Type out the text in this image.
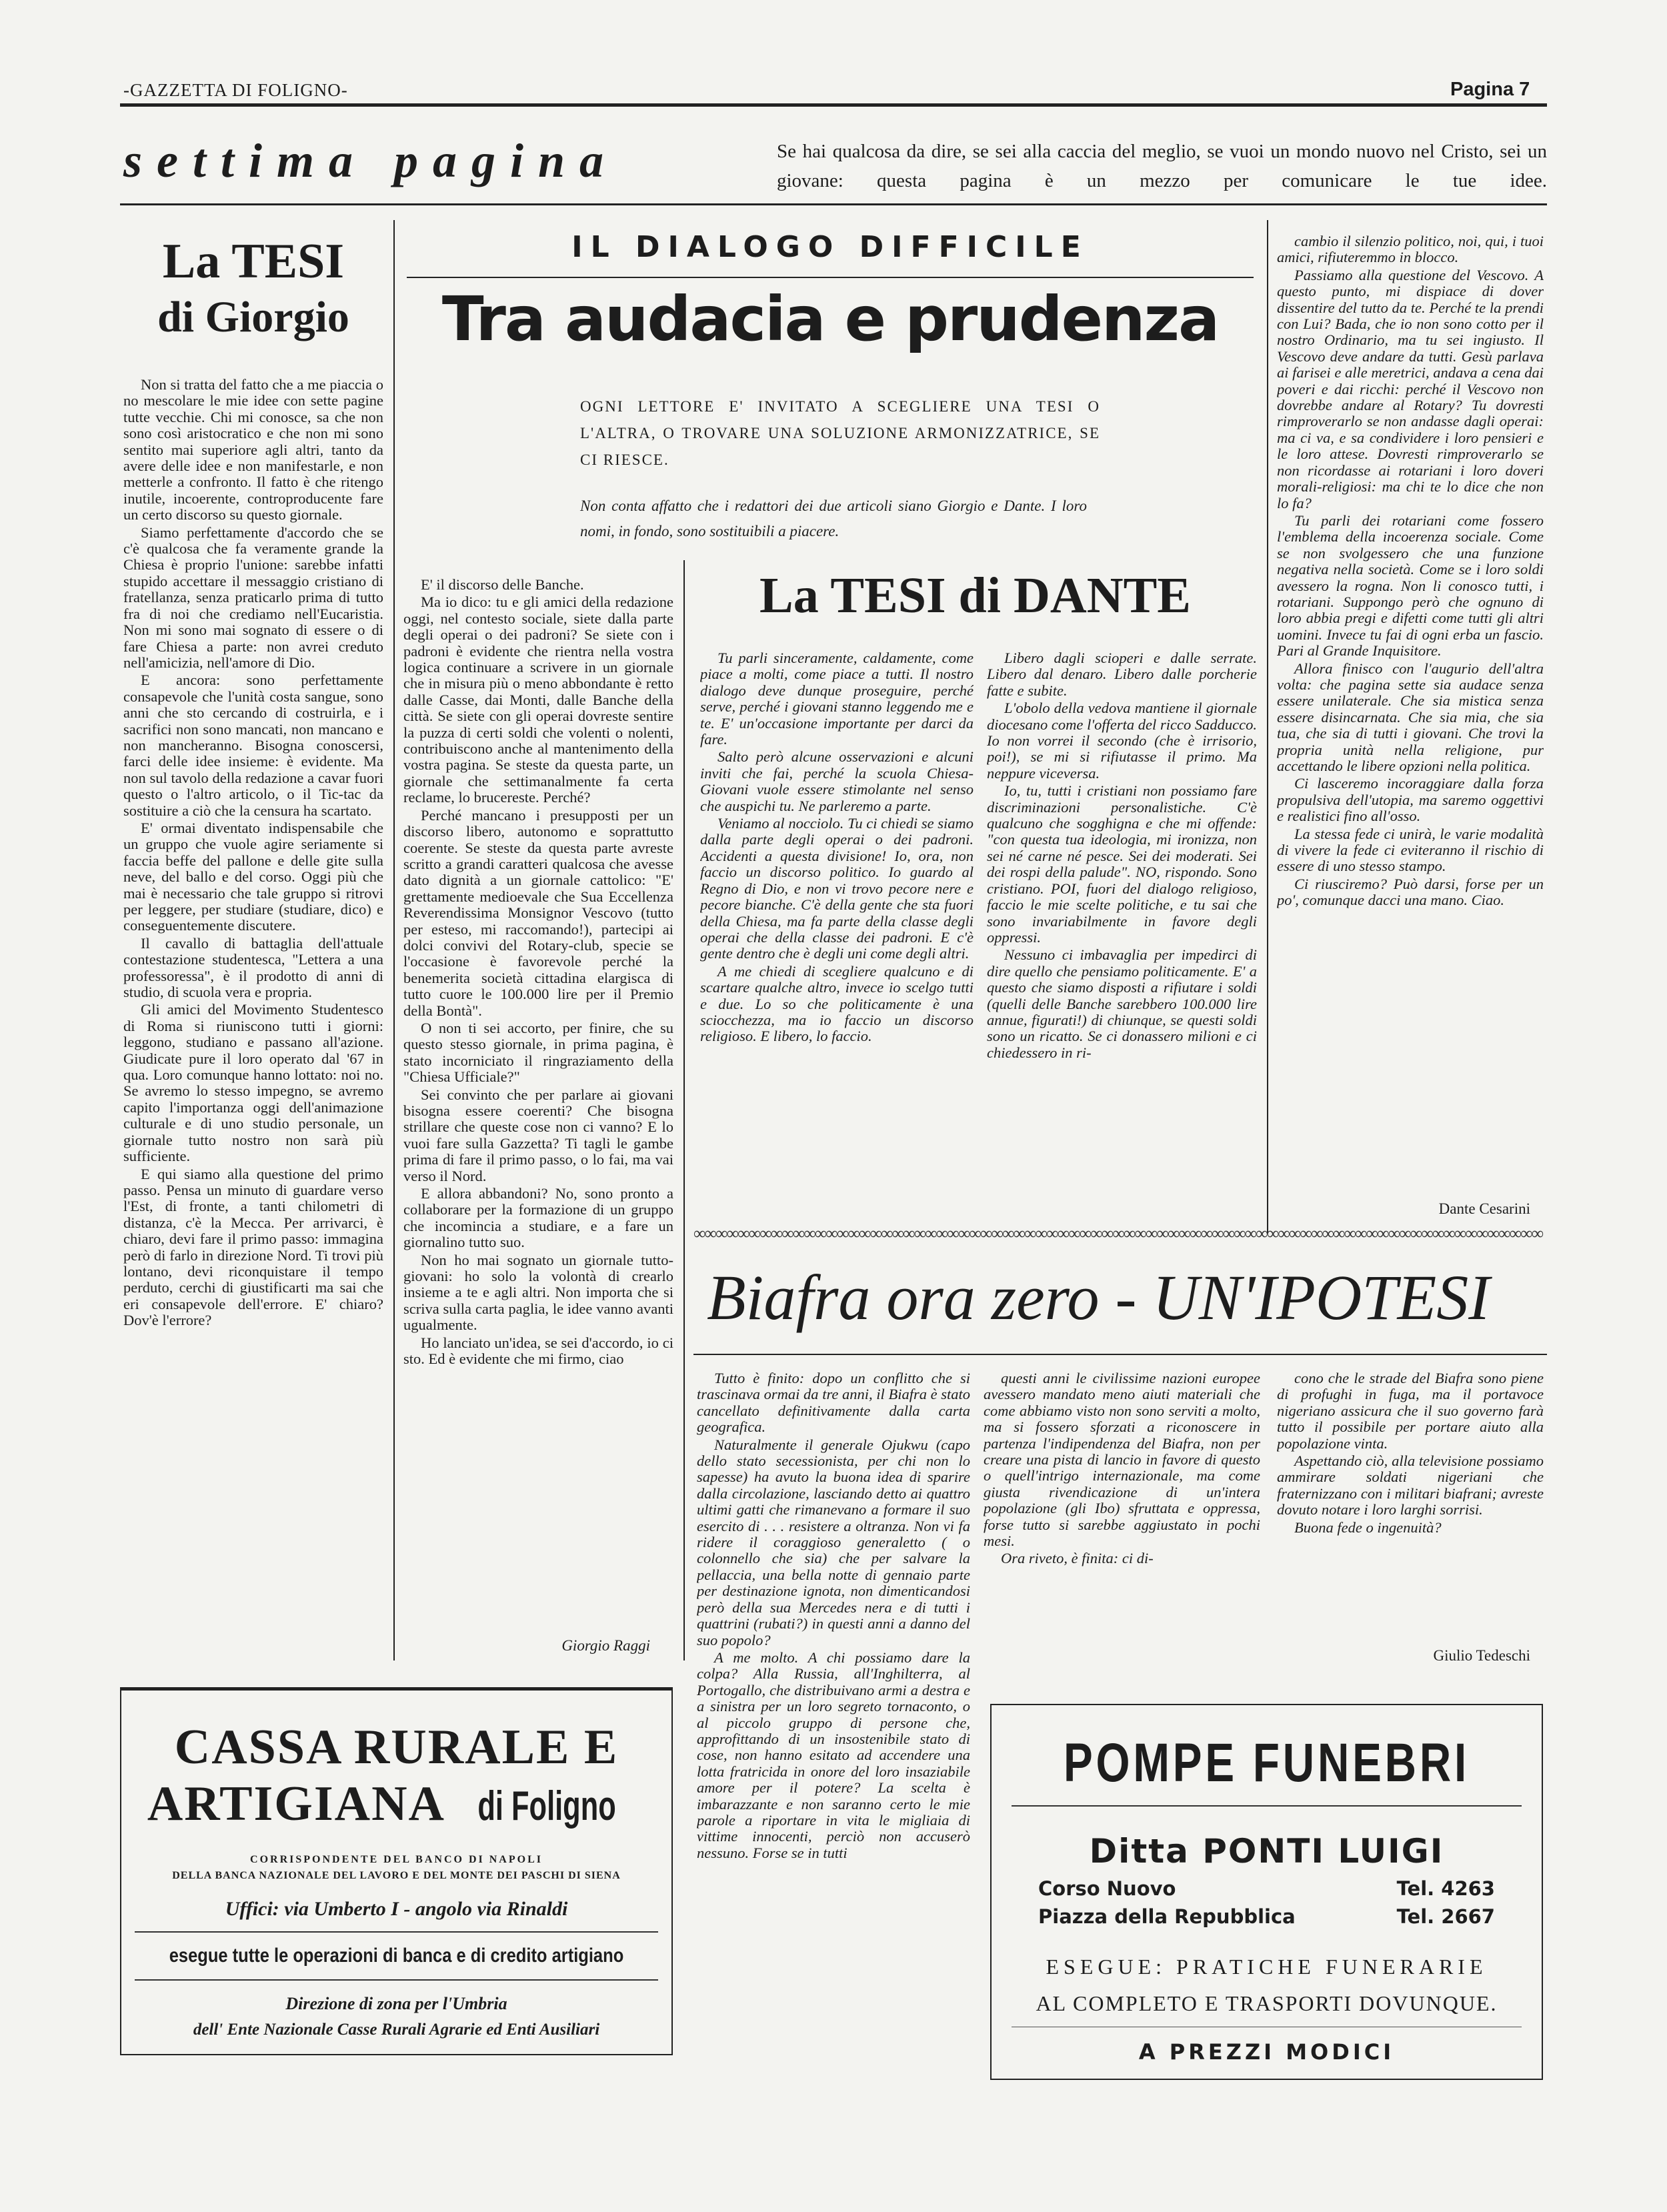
-GAZZETTA DI FOLIGNO-	Pagina 7
settima pagina	Se hai qualcosa da dire, se sei alla caccia del meglio, se vuoi un mondo nuovo nel Cristo, sei un giovane: questa pagina è un mezzo per comunicare le tue idee.
La TESI
di Giorgio

Non si tratta del fatto che a me piaccia o no mescolare le mie idee con sette pagine tutte vecchie. Chi mi conosce, sa che non sono così aristocratico e che non mi sono sentito mai superiore agli altri, tanto da avere delle idee e non manifestarle, e non metterle a confronto. Il fatto è che ritengo inutile, incoerente, controproducente fare un certo discorso su questo giornale.

Siamo perfettamente d'accordo che se c'è qualcosa che fa veramente grande la Chiesa è proprio l'unione: sarebbe infatti stupido accettare il messaggio cristiano di fratellanza, senza praticarlo prima di tutto fra di noi che crediamo nell'Eucaristia. Non mi sono mai sognato di essere o di fare Chiesa a parte: non avrei creduto nell'amicizia, nell'amore di Dio.

E ancora: sono perfettamente consapevole che l'unità costa sangue, sono anni che sto cercando di costruirla, e i sacrifici non sono mancati, non mancano e non mancheranno. Bisogna conoscersi, farci delle idee insieme: è evidente. Ma non sul tavolo della redazione a cavar fuori questo o l'altro articolo, o il Tic-tac da sostituire a ciò che la censura ha scartato.

E' ormai diventato indispensabile che un gruppo che vuole agire seriamente si faccia beffe del pallone e delle gite sulla neve, del ballo e del corso. Oggi più che mai è necessario che tale gruppo si ritrovi per leggere, per studiare (studiare, dico) e conseguentemente discutere.

Il cavallo di battaglia dell'attuale contestazione studentesca, "Lettera a una professoressa", è il prodotto di anni di studio, di scuola vera e propria.

Gli amici del Movimento Studentesco di Roma si riuniscono tutti i giorni: leggono, studiano e passano all'azione. Giudicate pure il loro operato dal '67 in qua. Loro comunque hanno lottato: noi no. Se avremo lo stesso impegno, se avremo capito l'importanza oggi dell'animazione culturale e di uno studio personale, un giornale tutto nostro non sarà più sufficiente.

E qui siamo alla questione del primo passo. Pensa un minuto di guardare verso l'Est, di fronte, a tanti chilometri di distanza, c'è la Mecca. Per arrivarci, è chiaro, devi fare il primo passo: immagina però di farlo in direzione Nord. Ti trovi più lontano, devi riconquistare il tempo perduto, cerchi di giustificarti ma sai che eri consapevole dell'errore. E' chiaro? Dov'è l'errore?

IL DIALOGO DIFFICILE
Tra audacia e prudenza
OGNI LETTORE E' INVITATO A SCEGLIERE UNA TESI O L'ALTRA, O TROVARE UNA SOLUZIONE ARMONIZZATRICE, SE CI RIESCE.
Non conta affatto che i redattori dei due articoli siano Giorgio e Dante. I loro nomi, in fondo, sono sostituibili a piacere.

E' il discorso delle Banche.

Ma io dico: tu e gli amici della redazione oggi, nel contesto sociale, siete dalla parte degli operai o dei padroni? Se siete con i padroni è evidente che rientra nella vostra logica continuare a scrivere in un giornale che in misura più o meno abbondante è retto dalle Casse, dai Monti, dalle Banche della città. Se siete con gli operai dovreste sentire la puzza di certi soldi che volenti o nolenti, contribuiscono anche al mantenimento della vostra pagina. Se steste da questa parte, un giornale che settimanalmente fa certa reclame, lo brucereste. Perché?

Perché mancano i presupposti per un discorso libero, autonomo e soprattutto coerente. Se steste da questa parte avreste scritto a grandi caratteri qualcosa che avesse dato dignità a un giornale cattolico: "E' grettamente medioevale che Sua Eccellenza Reverendissima Monsignor Vescovo (tutto per esteso, mi raccomando!), partecipi ai dolci convivi del Rotary-club, specie se l'occasione è favorevole perché la benemerita società cittadina elargisca di tutto cuore le 100.000 lire per il Premio della Bontà".

O non ti sei accorto, per finire, che su questo stesso giornale, in prima pagina, è stato incorniciato il ringraziamento della "Chiesa Ufficiale?"

Sei convinto che per parlare ai giovani bisogna essere coerenti? Che bisogna strillare che queste cose non ci vanno? E lo vuoi fare sulla Gazzetta? Ti tagli le gambe prima di fare il primo passo, o lo fai, ma vai verso il Nord.

E allora abbandoni? No, sono pronto a collaborare per la formazione di un gruppo che incomincia a studiare, e a fare un giornalino tutto suo.

Non ho mai sognato un giornale tutto-giovani: ho solo la volontà di crearlo insieme a te e agli altri. Non importa che si scriva sulla carta paglia, le idee vanno avanti ugualmente.

Ho lanciato un'idea, se sei d'accordo, io ci sto. Ed è evidente che mi firmo, ciao

Giorgio Raggi
La TESI di DANTE

Tu parli sinceramente, caldamente, come piace a molti, come piace a tutti. Il nostro dialogo deve dunque proseguire, perché serve, perché i giovani stanno leggendo me e te. E' un'occasione importante per darci da fare.

Salto però alcune osservazioni e alcuni inviti che fai, perché la scuola Chiesa-Giovani vuole essere stimolante nel senso che auspichi tu. Ne parleremo a parte.

Veniamo al nocciolo. Tu ci chiedi se siamo dalla parte degli operai o dei padroni. Accidenti a questa divisione! Io, ora, non faccio un discorso politico. Io guardo al Regno di Dio, e non vi trovo pecore nere e pecore bianche. C'è della gente che sta fuori della Chiesa, ma fa parte della classe degli operai che della classe dei padroni. E c'è gente dentro che è degli uni come degli altri.

A me chiedi di scegliere qualcuno e di scartare qualche altro, invece io scelgo tutti e due. Lo so che politicamente è una sciocchezza, ma io faccio un discorso religioso. E libero, lo faccio.

Libero dagli scioperi e dalle serrate. Libero dal denaro. Libero dalle porcherie fatte e subite.

L'obolo della vedova mantiene il giornale diocesano come l'offerta del ricco Sadducco. Io non vorrei il secondo (che è irrisorio, poi!), se mi si rifiutasse il primo. Ma neppure viceversa.

Io, tu, tutti i cristiani non possiamo fare discriminazioni personalistiche. C'è qualcuno che sogghigna e che mi offende: "con questa tua ideologia, mi ironizza, non sei né carne né pesce. Sei dei moderati. Sei dei rospi della palude". NO, rispondo. Sono cristiano. POI, fuori del dialogo religioso, faccio le mie scelte politiche, e tu sai che sono invariabilmente in favore degli oppressi.

Nessuno ci imbavaglia per impedirci di dire quello che pensiamo politicamente. E' a questo che siamo disposti a rifiutare i soldi (quelli delle Banche sarebbero 100.000 lire annue, figurati!) di chiunque, se questi soldi sono un ricatto. Se ci donassero milioni e ci chiedessero in ri-

cambio il silenzio politico, noi, qui, i tuoi amici, rifiuteremmo in blocco.

Passiamo alla questione del Vescovo. A questo punto, mi dispiace di dover dissentire del tutto da te. Perché te la prendi con Lui? Bada, che io non sono cotto per il nostro Ordinario, ma tu sei ingiusto. Il Vescovo deve andare da tutti. Gesù parlava ai farisei e alle meretrici, andava a cena dai poveri e dai ricchi: perché il Vescovo non dovrebbe andare al Rotary? Tu dovresti rimproverarlo se non andasse dagli operai: ma ci va, e sa condividere i loro pensieri e le loro attese. Dovresti rimproverarlo se non ricordasse ai rotariani i loro doveri morali-religiosi: ma chi te lo dice che non lo fa?

Tu parli dei rotariani come fossero l'emblema della incoerenza sociale. Come se non svolgessero che una funzione negativa nella società. Come se i loro soldi avessero la rogna. Non li conosco tutti, i rotariani. Suppongo però che ognuno di loro abbia pregi e difetti come tutti gli altri uomini. Invece tu fai di ogni erba un fascio. Pari al Grande Inquisitore.

Allora finisco con l'augurio dell'altra volta: che pagina sette sia audace senza essere unilaterale. Che sia mistica senza essere disincarnata. Che sia mia, che sia tua, che sia di tutti i giovani. Che trovi la propria unità nella religione, pur accettando le libere opzioni nella politica.

Ci lasceremo incoraggiare dalla forza propulsiva dell'utopia, ma saremo oggettivi e realistici fino all'osso.

La stessa fede ci unirà, le varie modalità di vivere la fede ci eviteranno il rischio di essere di uno stesso stampo.

Ci riusciremo? Può darsi, forse per un po', comunque dacci una mano. Ciao.

Dante Cesarini
∞∞∞∞∞∞∞∞∞∞∞∞∞∞∞∞∞∞∞∞∞∞∞∞∞∞∞∞∞∞∞∞∞∞∞∞∞∞∞∞∞∞∞∞∞∞∞∞∞∞∞∞∞∞∞∞∞∞∞∞∞∞∞∞∞∞∞∞∞∞∞∞∞∞∞∞∞
Biafra ora zero - UN'IPOTESI

Tutto è finito: dopo un conflitto che si trascinava ormai da tre anni, il Biafra è stato cancellato definitivamente dalla carta geografica.

Naturalmente il generale Ojukwu (capo dello stato secessionista, per chi non lo sapesse) ha avuto la buona idea di sparire dalla circolazione, lasciando detto ai quattro ultimi gatti che rimanevano a formare il suo esercito di . . . resistere a oltranza. Non vi fa ridere il coraggioso generaletto ( o colonnello che sia) che per salvare la pellaccia, una bella notte di gennaio parte per destinazione ignota, non dimenticandosi però della sua Mercedes nera e di tutti i quattrini (rubati?) in questi anni a danno del suo popolo?

A me molto. A chi possiamo dare la colpa? Alla Russia, all'Inghilterra, al Portogallo, che distribuivano armi a destra e a sinistra per un loro segreto tornaconto, o al piccolo gruppo di persone che, approfittando di un insostenibile stato di cose, non hanno esitato ad accendere una lotta fratricida in onore del loro insaziabile amore per il potere? La scelta è imbarazzante e non saranno certo le mie parole a riportare in vita le migliaia di vittime innocenti, perciò non accuserò nessuno. Forse se in tutti

questi anni le civilissime nazioni europee avessero mandato meno aiuti materiali che come abbiamo visto non sono serviti a molto, ma si fossero sforzati a riconoscere in partenza l'indipendenza del Biafra, non per creare una pista di lancio in favore di questo o quell'intrigo internazionale, ma come giusta rivendicazione di un'intera popolazione (gli Ibo) sfruttata e oppressa, forse tutto si sarebbe aggiustato in pochi mesi.

Ora riveto, è finita: ci di-

cono che le strade del Biafra sono piene di profughi in fuga, ma il portavoce nigeriano assicura che il suo governo farà tutto il possibile per portare aiuto alla popolazione vinta.

Aspettando ciò, alla televisione possiamo ammirare soldati nigeriani che fraternizzano con i militari biafrani; avreste dovuto notare i loro larghi sorrisi.

Buona fede o ingenuità?

Giulio Tedeschi
CASSA RURALE E
ARTIGIANA di Foligno
CORRISPONDENTE DEL BANCO DI NAPOLI
DELLA BANCA NAZIONALE DEL LAVORO E DEL MONTE DEI PASCHI DI SIENA
Uffici: via Umberto I - angolo via Rinaldi
esegue tutte le operazioni di banca e di credito artigiano
Direzione di zona per l'Umbria
dell' Ente Nazionale Casse Rurali Agrarie ed Enti Ausiliari
POMPE FUNEBRI
Ditta PONTI LUIGI
Corso Nuovo	Tel. 4263
Piazza della Repubblica	Tel. 2667
ESEGUE: PRATICHE FUNERARIE
AL COMPLETO E TRASPORTI DOVUNQUE.
A PREZZI MODICI
